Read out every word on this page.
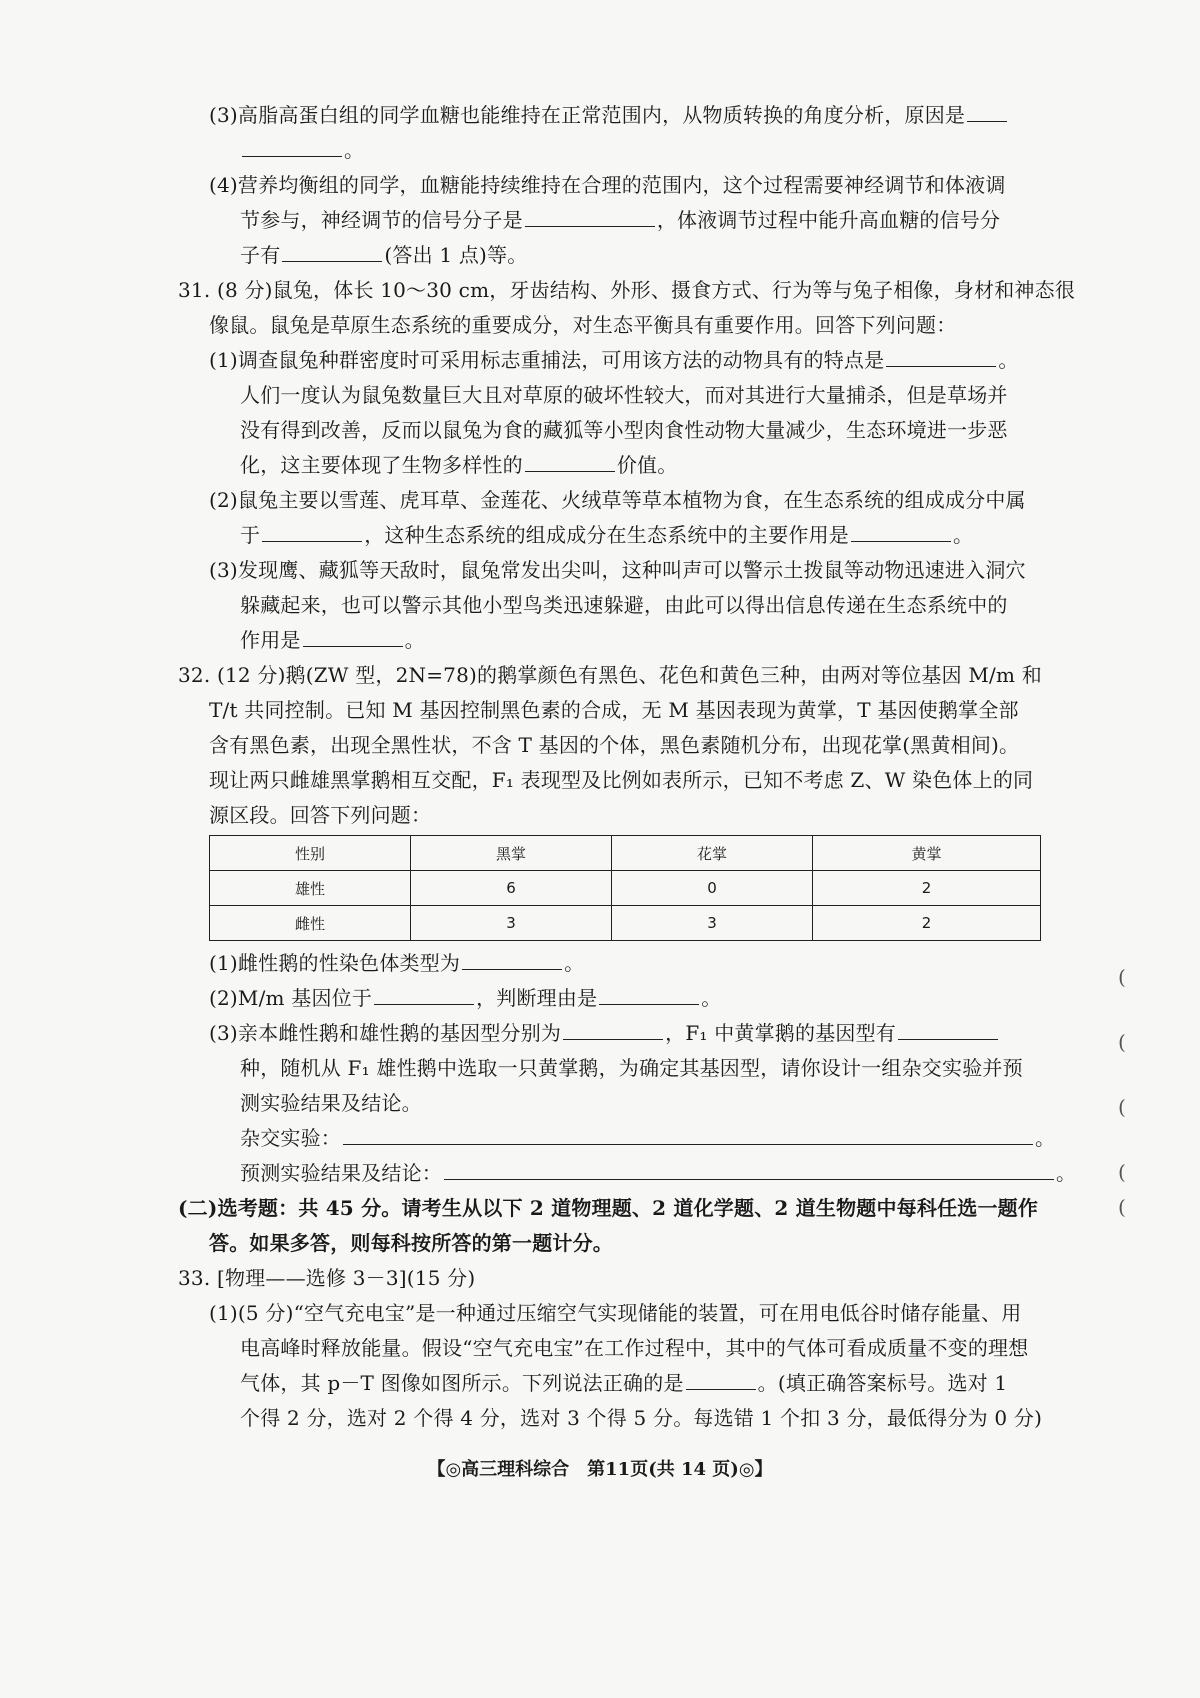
(3)高脂高蛋白组的同学血糖也能维持在正常范围内，从物质转换的角度分析，原因是
。
(4)营养均衡组的同学，血糖能持续维持在合理的范围内，这个过程需要神经调节和体液调
节参与，神经调节的信号分子是	，体液调节过程中能升高血糖的信号分
子有	(答出 1 点)等。
31. (8 分)鼠兔，体长 10～30 cm，牙齿结构、外形、摄食方式、行为等与兔子相像，身材和神态很
像鼠。鼠兔是草原生态系统的重要成分，对生态平衡具有重要作用。回答下列问题：
(1)调查鼠兔种群密度时可采用标志重捕法，可用该方法的动物具有的特点是	。
人们一度认为鼠兔数量巨大且对草原的破坏性较大，而对其进行大量捕杀，但是草场并
没有得到改善，反而以鼠兔为食的藏狐等小型肉食性动物大量减少，生态环境进一步恶
化，这主要体现了生物多样性的	价值。
(2)鼠兔主要以雪莲、虎耳草、金莲花、火绒草等草本植物为食，在生态系统的组成成分中属
于	，这种生态系统的组成成分在生态系统中的主要作用是	。
(3)发现鹰、藏狐等天敌时，鼠兔常发出尖叫，这种叫声可以警示土拨鼠等动物迅速进入洞穴
躲藏起来，也可以警示其他小型鸟类迅速躲避，由此可以得出信息传递在生态系统中的
作用是	。
32. (12 分)鹅(ZW 型，2N=78)的鹅掌颜色有黑色、花色和黄色三种，由两对等位基因 M/m 和
T/t 共同控制。已知 M 基因控制黑色素的合成，无 M 基因表现为黄掌，T 基因使鹅掌全部
含有黑色素，出现全黑性状，不含 T 基因的个体，黑色素随机分布，出现花掌(黑黄相间)。
现让两只雌雄黑掌鹅相互交配，F₁ 表现型及比例如表所示，已知不考虑 Z、W 染色体上的同
性别	黑掌	花掌	黄掌
雄性	6	0	2
雌性	3	3	2
源区段。回答下列问题：
(1)雌性鹅的性染色体类型为	。
(2)M/m 基因位于	，判断理由是	。
(3)亲本雌性鹅和雄性鹅的基因型分别为	，F₁ 中黄掌鹅的基因型有
种，随机从 F₁ 雄性鹅中选取一只黄掌鹅，为确定其基因型，请你设计一组杂交实验并预
测实验结果及结论。
杂交实验：	。
预测实验结果及结论：	。
(二)选考题：共 45 分。请考生从以下 2 道物理题、2 道化学题、2 道生物题中每科任选一题作
答。如果多答，则每科按所答的第一题计分。
33. [物理——选修 3－3](15 分)
(1)(5 分)“空气充电宝”是一种通过压缩空气实现储能的装置，可在用电低谷时储存能量、用
电高峰时释放能量。假设“空气充电宝”在工作过程中，其中的气体可看成质量不变的理想
气体，其 p－T 图像如图所示。下列说法正确的是	。(填正确答案标号。选对 1
个得 2 分，选对 2 个得 4 分，选对 3 个得 5 分。每选错 1 个扣 3 分，最低得分为 0 分)
【◎高三理科综合　第11页(共 14 页)◎】
(
(
(
(
(
